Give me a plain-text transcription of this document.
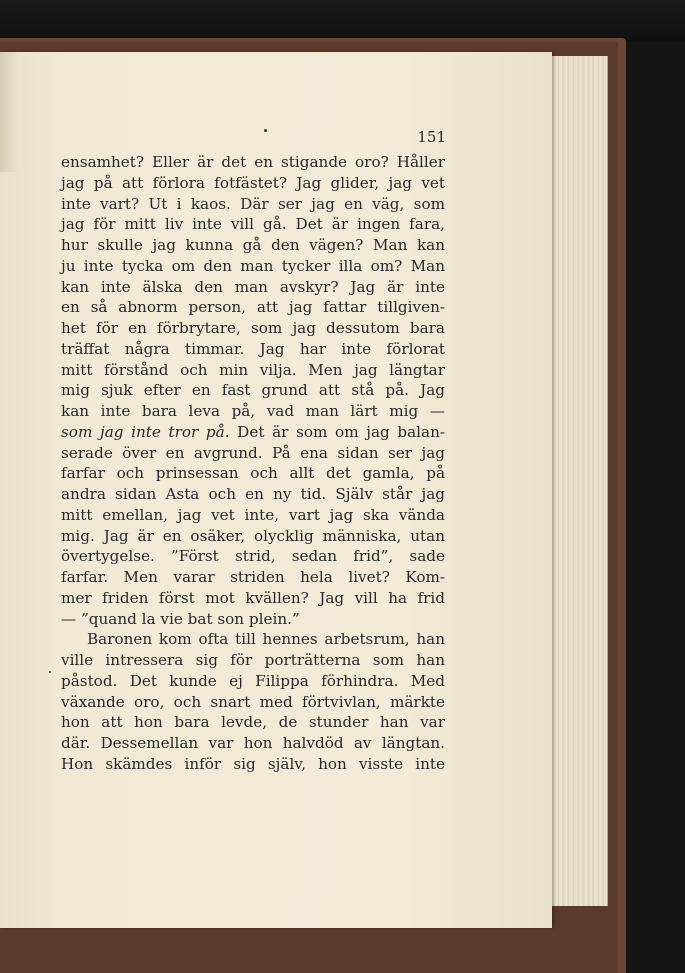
151
ensamhet? Eller är det en stigande oro? Håller
jag på att förlora fotfästet? Jag glider, jag vet
inte vart? Ut i kaos. Där ser jag en väg, som
jag för mitt liv inte vill gå. Det är ingen fara,
hur skulle jag kunna gå den vägen? Man kan
ju inte tycka om den man tycker illa om? Man
kan inte älska den man avskyr? Jag är inte
en så abnorm person, att jag fattar tillgiven-
het för en förbrytare, som jag dessutom bara
träffat några timmar. Jag har inte förlorat
mitt förstånd och min vilja. Men jag längtar
mig sjuk efter en fast grund att stå på. Jag
kan inte bara leva på, vad man lärt mig —
som jag inte tror på. Det är som om jag balan-
serade över en avgrund. På ena sidan ser jag
farfar och prinsessan och allt det gamla, på
andra sidan Asta och en ny tid. Själv står jag
mitt emellan, jag vet inte, vart jag ska vända
mig. Jag är en osäker, olycklig människa, utan
övertygelse. ”Först strid, sedan frid”, sade
farfar. Men varar striden hela livet? Kom-
mer friden först mot kvällen? Jag vill ha frid
— ”quand la vie bat son plein.”
Baronen kom ofta till hennes arbetsrum, han
ville intressera sig för porträtterna som han
påstod. Det kunde ej Filippa förhindra. Med
växande oro, och snart med förtvivlan, märkte
hon att hon bara levde, de stunder han var
där. Dessemellan var hon halvdöd av längtan.
Hon skämdes inför sig själv, hon visste inte
